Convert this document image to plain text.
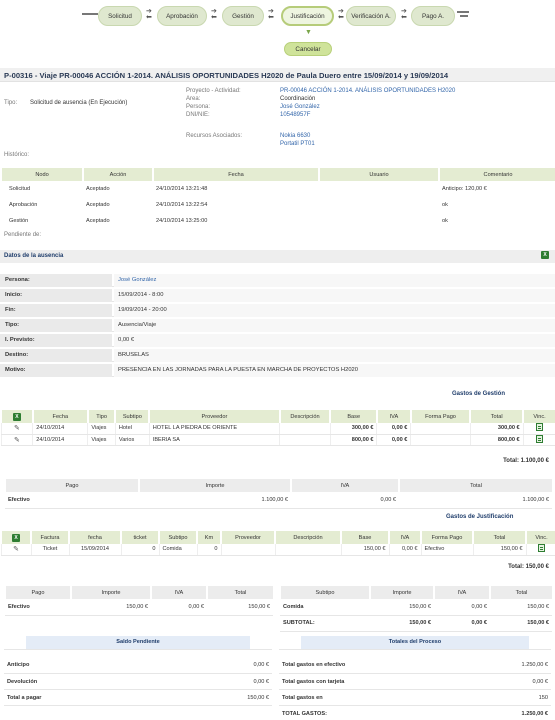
Solicitud
➔
⬅	Aprobación
➔
⬅	Gestión
➔
⬅	Justificación
➔
⬅	Verificación A.
➔
⬅	Pago A.
▼
Cancelar
P-00316 - Viaje PR-00046 ACCIÓN 1-2014. ANÁLISIS OPORTUNIDADES H2020 de Paula Duero entre 15/09/2014 y 19/09/2014
Tipo: Solicitud de ausencia (En Ejecución)
Proyecto - Actividad:	PR-00046 ACCIÓN 1-2014. ANÁLISIS OPORTUNIDADES H2020
Area:	Coordinación
Persona:	José González
DNI/NIE:	10548957F
Recursos Asociados:	Nokia 6630
Portatil PT01
Histórico:
Nodo	Acción	Fecha	Usuario	Comentario
Solicitud	Aceptado	24/10/2014 13:21:48		Anticipo: 120,00 €
Aprobación	Aceptado	24/10/2014 13:22:54		ok
Gestión	Aceptado	24/10/2014 13:25:00		ok
Pendiente de:
Datos de la ausencia	X
Persona:	José González
Inicio:	15/09/2014 - 8:00
Fin:	19/09/2014 - 20:00
Tipo:	Ausencia/Viaje
I. Previsto:	0,00 €
Destino:	BRUSELAS
Motivo:	PRESENCIA EN LAS JORNADAS PARA LA PUESTA EN MARCHA DE PROYECTOS H2020
Gastos de Gestión
X	Fecha	Tipo	Subtipo	Proveedor	Descripción	Base	IVA	Forma Pago	Total	Vinc.
✎	24/10/2014	Viajes	Hotel	HOTEL LA PIEDRA DE ORIENTE		300,00 €	0,00 €		300,00 €	
✎	24/10/2014	Viajes	Varios	IBERIA SA		800,00 €	0,00 €		800,00 €	
Total: 1.100,00 €
Pago	Importe	IVA	Total
Efectivo	1.100,00 €	0,00 €	1.100,00 €
Gastos de Justificación
X	Factura	fecha	ticket	Subtipo	Km	Proveedor	Descripción	Base	IVA	Forma Pago	Total	Vinc.
✎	Ticket	15/09/2014	0	Comida	0			150,00 €	0,00 €	Efectivo	150,00 €	
Total: 150,00 €
Pago	Importe	IVA	Total
Efectivo	150,00 €	0,00 €	150,00 €
Subtipo	Importe	IVA	Total
Comida	150,00 €	0,00 €	150,00 €
SUBTOTAL:	150,00 €	0,00 €	150,00 €
Saldo Pendiente	

Anticipo	0,00 €
Devolución	0,00 €
Total a pagar	150,00 €
Totales del Proceso	

Total gastos en efectivo	1.250,00 €
Total gastos con tarjeta	0,00 €
Total gastos en	150
TOTAL GASTOS:	1.250,00 €
